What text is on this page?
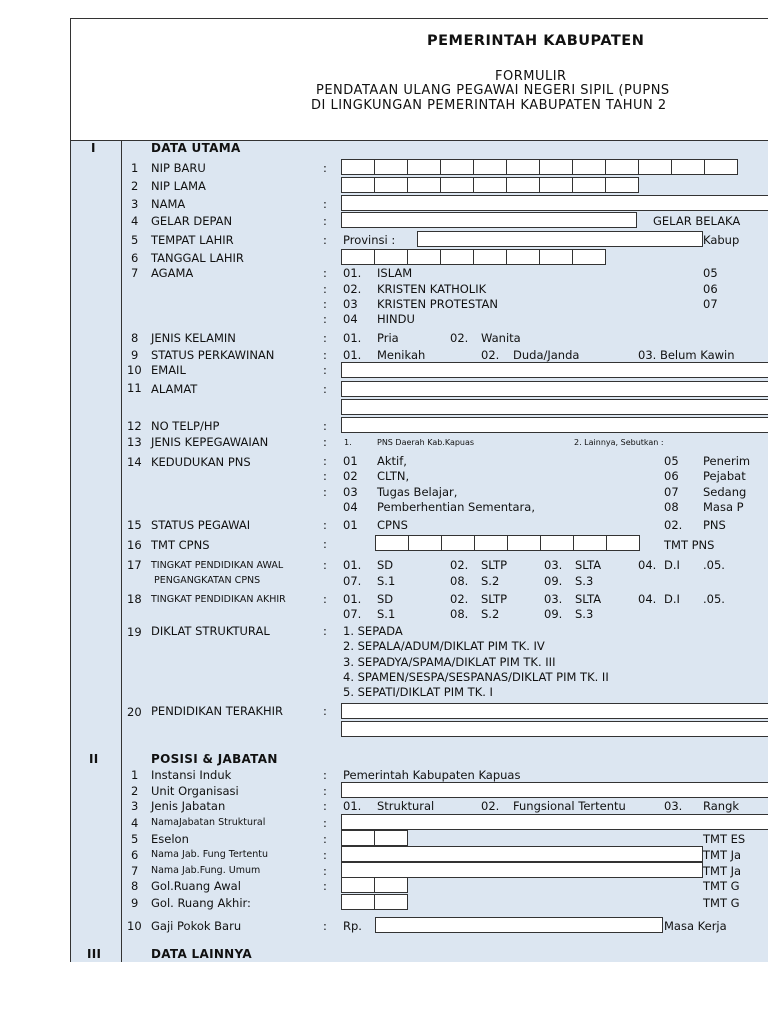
PEMERINTAH KABUPATEN
FORMULIR
PENDATAAN ULANG PEGAWAI NEGERI SIPIL (PUPNS
DI LINGKUNGAN PEMERINTAH KABUPATEN TAHUN 2
I	DATA UTAMA
1 NIP BARU	:
2 NIP LAMA
3 NAMA	:
4 GELAR DEPAN	:	GELAR BELAKA
5 TEMPAT LAHIR	: Provinsi :	Kabup
6 TANGGAL LAHIR
7 AGAMA	: 01. ISLAM	05
: 02. KRISTEN KATHOLIK	06
: 03 KRISTEN PROTESTAN	07
: 04 HINDU
8 JENIS KELAMIN	: 01. Pria	02. Wanita
9 STATUS PERKAWINAN	: 01. Menikah	02. Duda/Janda	03. Belum Kawin
10 EMAIL	:
11 ALAMAT	:
12 NO TELP/HP	:
13 JENIS KEPEGAWAIAN	: 1.	PNS Daerah Kab.Kapuas	2. Lainnya, Sebutkan :
14 KEDUDUKAN PNS	: 01 Aktif,	05 Penerim
: 02 CLTN,	06 Pejabat
: 03 Tugas Belajar,	07 Sedang
04 Pemberhentian Sementara,	08 Masa P
15 STATUS PEGAWAI	: 01 CPNS	02. PNS
16 TMT CPNS	:	TMT PNS
17 TINGKAT PENDIDIKAN AWAL
PENGANGKATAN CPNS
: 01. SD	02. SLTP	03. SLTA	04. D.I .05.
07. S.1	08. S.2	09. S.3
18 TINGKAT PENDIDIKAN AKHIR	: 01. SD	02. SLTP	03. SLTA	04. D.I .05.
07. S.1	08. S.2	09. S.3
19 DIKLAT STRUKTURAL	: 1. SEPADA
2. SEPALA/ADUM/DIKLAT PIM TK. IV
3. SEPADYA/SPAMA/DIKLAT PIM TK. III
4. SPAMEN/SESPA/SESPANAS/DIKLAT PIM TK. II
5. SEPATI/DIKLAT PIM TK. I
20 PENDIDIKAN TERAKHIR	:
II	POSISI & JABATAN
1 Instansi Induk	: Pemerintah Kabupaten Kapuas
2 Unit Organisasi	:
3 Jenis Jabatan	: 01. Struktural	02. Fungsional Tertentu	03. Rangk
4 NamaJabatan Struktural	:
5 Eselon	:	TMT ES
6 Nama Jab. Fung Tertentu	:	TMT Ja
7 Nama Jab.Fung. Umum	:	TMT Ja
8 Gol.Ruang Awal	:	TMT G
9 Gol. Ruang Akhir:	TMT G
10 Gaji Pokok Baru	: Rp.	Masa Kerja
III	DATA LAINNYA
